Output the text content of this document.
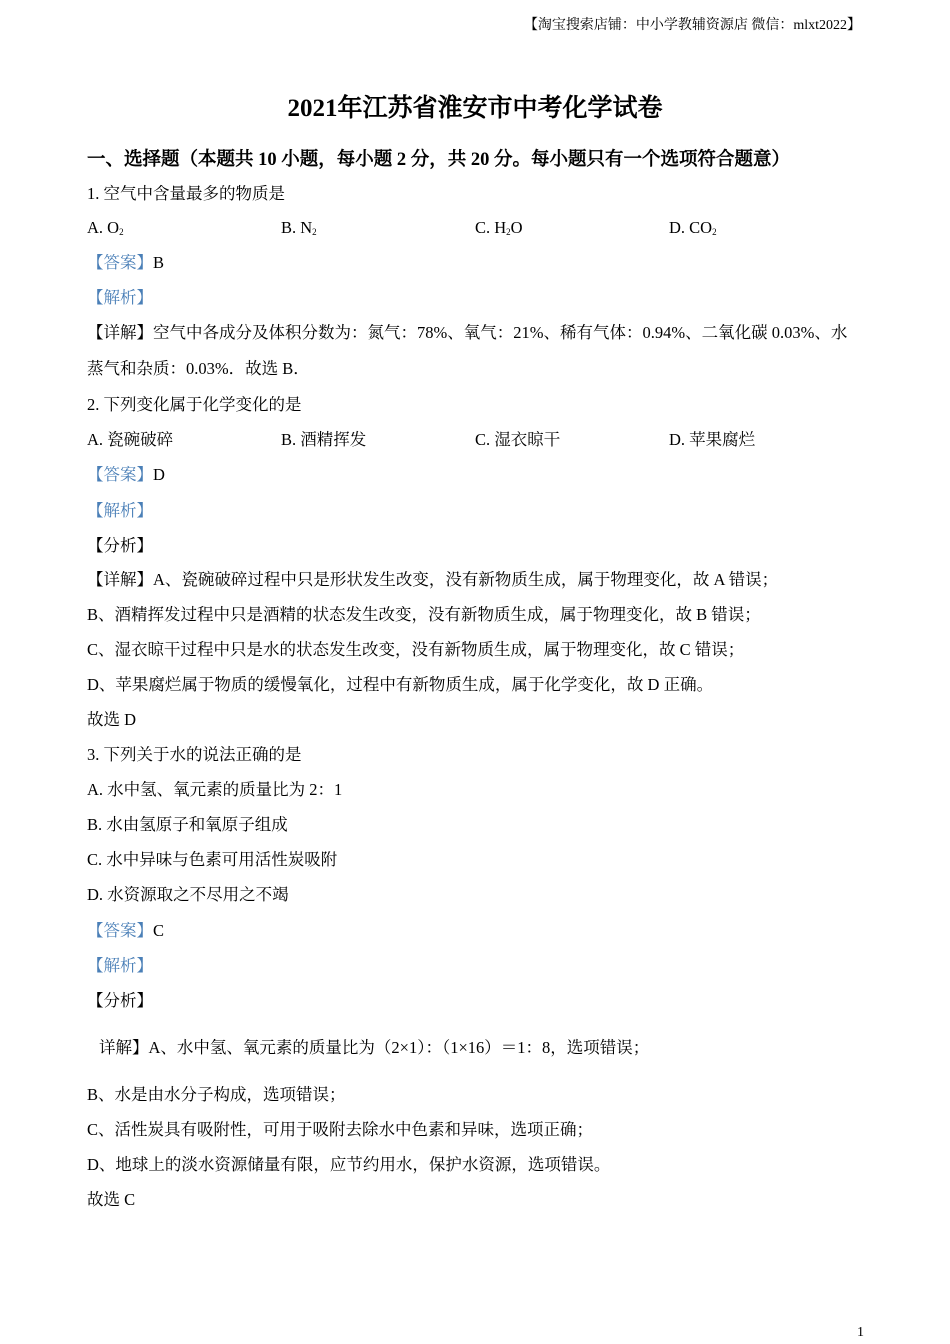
【淘宝搜索店铺：中小学教辅资源店 微信：mlxt2022】
2021年江苏省淮安市中考化学试卷
一、选择题（本题共 10 小题，每小题 2 分，共 20 分。每小题只有一个选项符合题意）
1. 空气中含量最多的物质是
A. $O_2$	B. $N_2$	C. $H_2O$	D. $CO_2$
【答案】B
【解析】
【详解】空气中各成分及体积分数为：氮气：78%、氧气：21%、稀有气体：0.94%、二氧化碳 0.03%、水
蒸气和杂质：0.03%．故选 B．
2. 下列变化属于化学变化的是
A. 瓷碗破碎	B. 酒精挥发	C. 湿衣晾干	D. 苹果腐烂
【答案】D
【解析】
【分析】
【详解】A、瓷碗破碎过程中只是形状发生改变，没有新物质生成，属于物理变化，故 A 错误；
B、酒精挥发过程中只是酒精的状态发生改变，没有新物质生成，属于物理变化，故 B 错误；
C、湿衣晾干过程中只是水的状态发生改变，没有新物质生成，属于物理变化，故 C 错误；
D、苹果腐烂属于物质的缓慢氧化，过程中有新物质生成，属于化学变化，故 D 正确。
故选 D
3. 下列关于水的说法正确的是
A. 水中氢、氧元素的质量比为 2：1
B. 水由氢原子和氧原子组成
C. 水中异味与色素可用活性炭吸附
D. 水资源取之不尽用之不竭
【答案】C
【解析】
【分析】
详解】A、水中氢、氧元素的质量比为（2×1）：（1×16）＝1：8，选项错误；
B、水是由水分子构成，选项错误；
C、活性炭具有吸附性，可用于吸附去除水中色素和异味，选项正确；
D、地球上的淡水资源储量有限，应节约用水，保护水资源，选项错误。
故选 C
1
